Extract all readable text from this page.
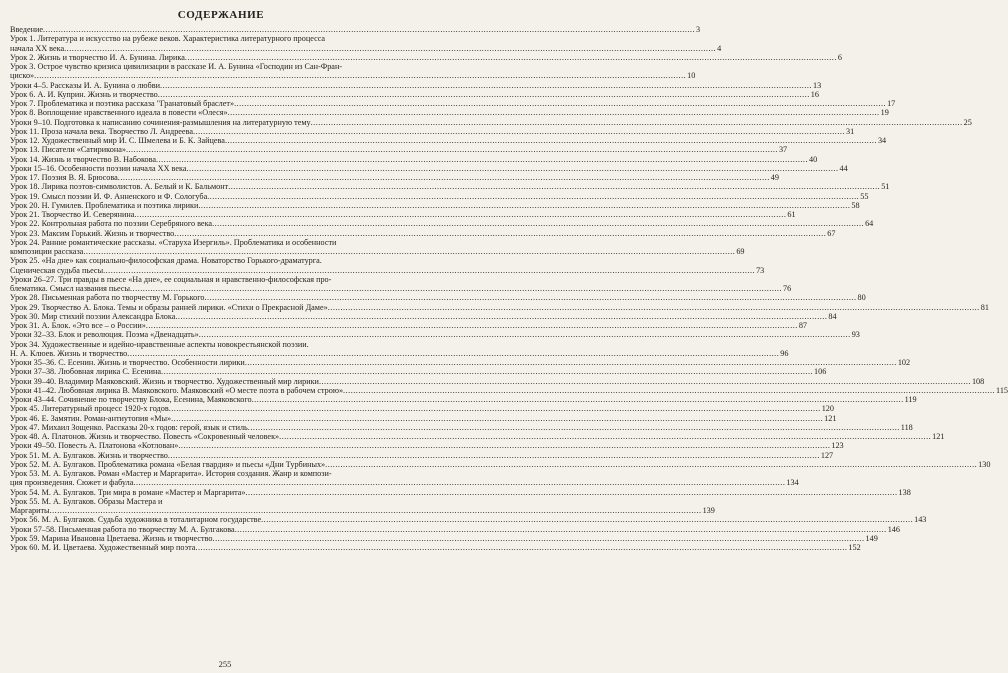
СОДЕРЖАНИЕ
Введение .....	3
Урок 1. Литература и искусство на рубеже веков. Характеристика литературного процесса
начала XX века .....	4
Урок 2. Жизнь и творчество И. А. Бунина. Лирика .....	6
Урок 3. Острое чувство кризиса цивилизации в рассказе И. А. Бунина «Господин из Сан-Фран-
циско» .....	10
Уроки 4–5. Рассказы И. А. Бунина о любви .....	13
Урок 6. А. И. Куприн. Жизнь и творчество .....	16
Урок 7. Проблематика и поэтика рассказа "Гранатовый браслет» .....	17
Урок 8. Воплощение нравственного идеала в повести «Олеся» .....	19
Уроки 9–10. Подготовка к написанию сочинения-размышления на литературную тему .....	25
Урок 11. Проза начала века. Творчество Л. Андреева .....	31
Урок 12. Художественный мир И. С. Шмелева и Б. К. Зайцева .....	34
Урок 13. Писатели «Сатирикона» .....	37
Урок 14. Жизнь и творчество В. Набокова .....	40
Уроки 15–16. Особенности поэзии начала XX века .....	44
Урок 17. Поэзия В. Я. Брюсова .....	49
Урок 18. Лирика поэтов-символистов. А. Белый и К. Бальмонт .....	51
Урок 19. Смысл поэзии И. Ф. Анненского и Ф. Сологуба .....	55
Урок 20. Н. Гумилев. Проблематика и поэтика лирики .....	58
Урок 21. Творчество И. Северянина .....	61
Урок 22. Контрольная работа по поэзии Серебряного века .....	64
Урок 23. Максим Горький. Жизнь и творчество .....	67
Урок 24. Ранние романтические рассказы. «Старуха Изергиль». Проблематика и особенности
композиции рассказа .....	69
Урок 25. «На дне» как социально-философская драма. Новаторство Горького-драматурга.
Сценическая судьба пьесы .....	73
Уроки 26–27. Три правды в пьесе «На дне», ее социальная и нравственно-философская про-
блематика. Смысл названия пьесы .....	76
Урок 28. Письменная работа по творчеству М. Горького .....	80
Урок 29. Творчество А. Блока. Темы и образы ранней лирики. «Стихи о Прекрасной Даме» .....	81
Урок 30. Мир стихий поэзии Александра Блока .....	84
Урок 31. А. Блок. «Это все – о России» .....	87
Уроки 32–33. Блок и революция. Поэма «Двенадцать» .....	93
Урок 34. Художественные и идейно-нравственные аспекты новокрестьянской поэзии.
Н. А. Клюев. Жизнь и творчество .....	96
Уроки 35–36. С. Есенин. Жизнь и творчество. Особенности лирики .....	102
Уроки 37–38. Любовная лирика С. Есенина .....	106
Уроки 39–40. Владимир Маяковский. Жизнь и творчество. Художественный мир лирики .....	108
Уроки 41–42. Любовная лирика В. Маяковского. Маяковский «О месте поэта в рабочем строю» .....	115
Уроки 43–44. Сочинение по творчеству Блока, Есенина, Маяковского .....	119
Урок 45. Литературный процесс 1920-х годов .....	120
Урок 46. Е. Замятин. Роман-антиутопия «Мы» .....	121
Урок 47. Михаил Зощенко. Рассказы 20-х годов: герой, язык и стиль .....	118
Урок 48. А. Платонов. Жизнь и творчество. Повесть «Сокровенный человек» .....	121
Уроки 49–50. Повесть А. Платонова «Котлован» .....	123
Урок 51. М. А. Булгаков. Жизнь и творчество .....	127
Урок 52. М. А. Булгаков. Проблематика романа «Белая гвардия» и пьесы «Дни Турбиных» .....	130
Урок 53. М. А. Булгаков. Роман «Мастер и Маргарита». История создания. Жанр и компози-
ция произведения. Сюжет и фабула .....	134
Урок 54. М. А. Булгаков. Три мира в романе «Мастер и Маргарита» .....	138
Урок 55. М. А. Булгаков. Образы Мастера и
Маргариты .....	139
Урок 56. М. А. Булгаков. Судьба художника в тоталитарном государстве .....	143
Уроки 57–58. Письменная работа по творчеству М. А. Булгакова .....	146
Урок 59. Марина Ивановна Цветаева. Жизнь и творчество .....	149
Урок 60. М. И. Цветаева. Художественный мир поэта .....	152
255
